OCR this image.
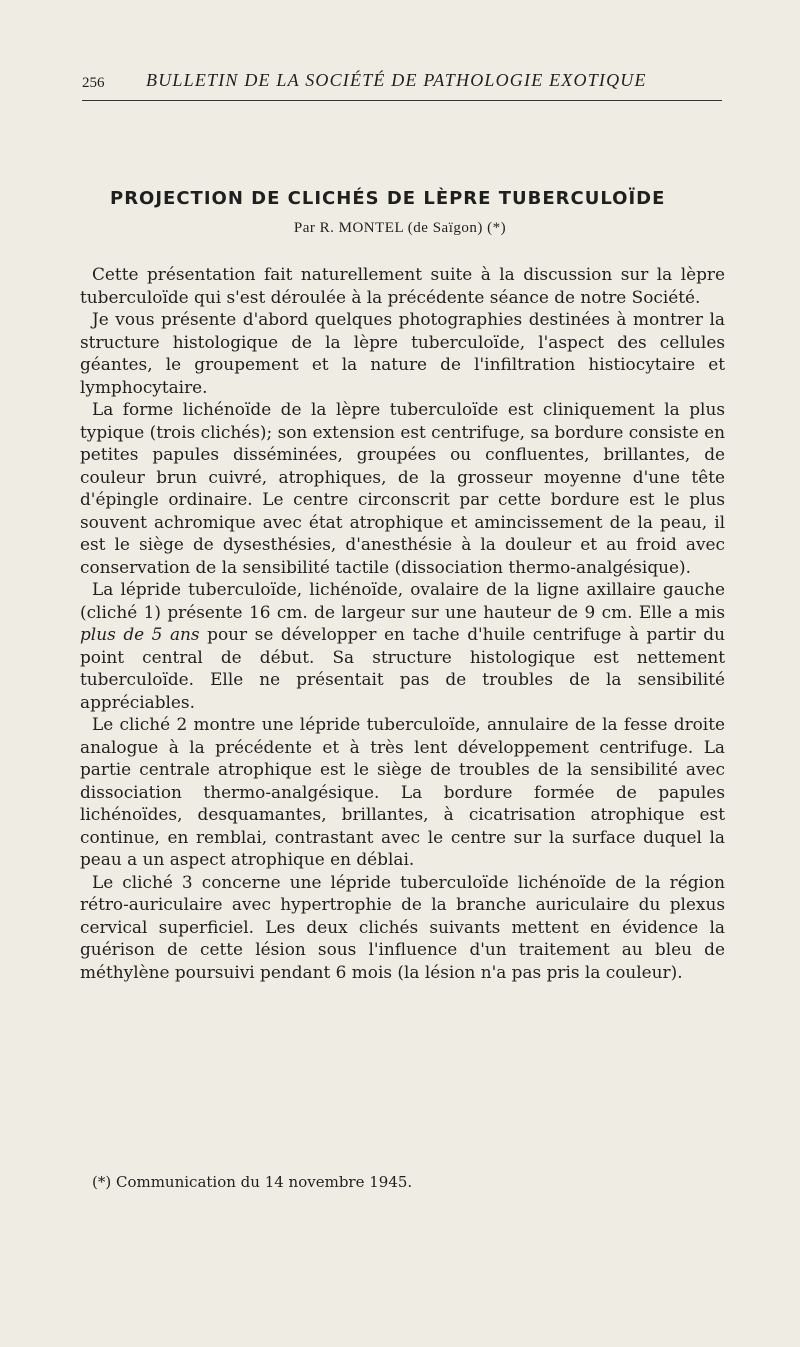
256 BULLETIN DE LA SOCIÉTÉ DE PATHOLOGIE EXOTIQUE
PROJECTION DE CLICHÉS DE LÈPRE TUBERCULOÏDE
Par R. MONTEL (de Saïgon) (*)

Cette présentation fait naturellement suite à la discussion sur la lèpre tuberculoïde qui s'est déroulée à la précédente séance de notre Société.

Je vous présente d'abord quelques photographies destinées à montrer la structure histologique de la lèpre tuberculoïde, l'aspect des cellules géantes, le groupement et la nature de l'infiltration histiocytaire et lymphocytaire.

La forme lichénoïde de la lèpre tuberculoïde est cliniquement la plus typique (trois clichés); son extension est centrifuge, sa bordure consiste en petites papules disséminées, groupées ou confluentes, brillantes, de couleur brun cuivré, atrophiques, de la grosseur moyenne d'une tête d'épingle ordinaire. Le centre circonscrit par cette bordure est le plus souvent achromique avec état atrophique et amincissement de la peau, il est le siège de dysesthésies, d'anesthésie à la douleur et au froid avec conservation de la sensibilité tactile (dissociation thermo-analgésique).

La lépride tuberculoïde, lichénoïde, ovalaire de la ligne axillaire gauche (cliché 1) présente 16 cm. de largeur sur une hauteur de 9 cm. Elle a mis plus de 5 ans pour se développer en tache d'huile centrifuge à partir du point central de début. Sa structure histologique est nettement tuberculoïde. Elle ne présentait pas de troubles de la sensibilité appréciables.

Le cliché 2 montre une lépride tuberculoïde, annulaire de la fesse droite analogue à la précédente et à très lent développement centrifuge. La partie centrale atrophique est le siège de troubles de la sensibilité avec dissociation thermo-analgésique. La bordure formée de papules lichénoïdes, desquamantes, brillantes, à cicatrisation atrophique est continue, en remblai, contrastant avec le centre sur la surface duquel la peau a un aspect atrophique en déblai.

Le cliché 3 concerne une lépride tuberculoïde lichénoïde de la région rétro-auriculaire avec hypertrophie de la branche auriculaire du plexus cervical superficiel. Les deux clichés suivants mettent en évidence la guérison de cette lésion sous l'influence d'un traitement au bleu de méthylène poursuivi pendant 6 mois (la lésion n'a pas pris la couleur).

(*) Communication du 14 novembre 1945.
